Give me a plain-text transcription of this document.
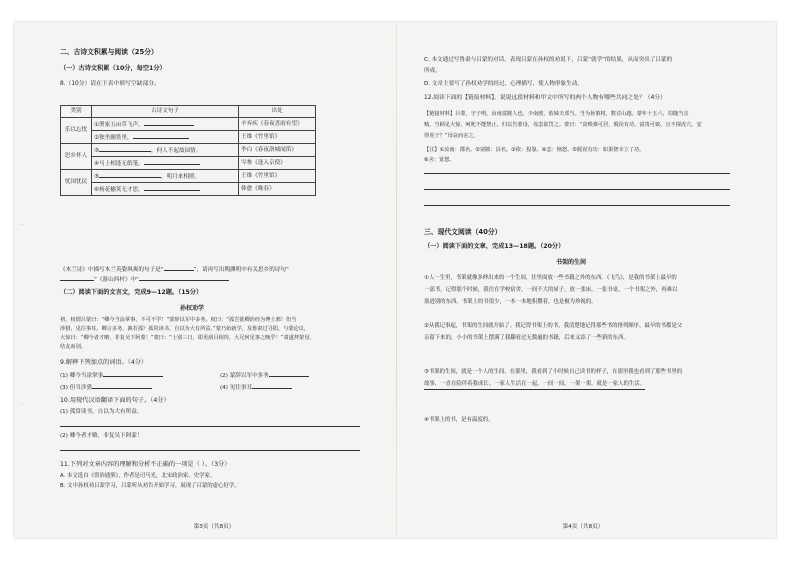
｜
｜
二、古诗文积累与阅读（25分）
（一）古诗文积累（10分，每空1分）
8.（10分）请在下表中填写空缺部分。
类别	古诗文句子	出处
乐以忘忧	①渔家五亩草飞声，	辛弃疾《春夜喜雨有望》
	②独坐幽篁里，	王维《竹里馆》
思乡怀人	③ ，何人不起故园情。	李白《春夜洛城闻笛》
	④马上相逢无纸笔，	岑参《逢入京使》
忧国忧民	⑤ ，明月来相照。	王维《竹里馆》
	⑥杨花榆荚无才思，	韩愈《晚春》
《木兰诗》中描写木兰英姿飒爽的句子是“	”，请再写出陶渊明中有关思乡的诗句“
”《游山西村》中“
（二）阅读下面的文言文，完成9—12题。（15分）
孙权劝学
初，权谓吕蒙曰：“卿今当涂掌事，不可不学！”蒙辞以军中多务。权曰：“孤岂欲卿治经为博士邪！但当
涉猎，见往事耳。卿言多务，孰若孤？孤常读书，自以为大有所益。”蒙乃始就学。及鲁肃过寻阳，与蒙论议，
大惊曰：“卿今者才略，非复吴下阿蒙！”蒙曰：“士别三日，即更刮目相待，大兄何见事之晚乎！”肃遂拜蒙母，
结友而别。
9.解释下列加点的词语。（4分）
(1) 卿今当涂掌事	(2) 蒙辞以军中多务
(3) 但当涉猎	(4) 见往事耳
10.用现代汉语翻译下面的句子。（4分）
(1) 孤常读书，自以为大有所益。
(2) 卿今者才略，非复吴下阿蒙！
11.下列对文章内容的理解和分析不正确的一项是（ ）。（3分）
A. 本文选自《资治通鉴》，作者是司马光，北宋政治家、史学家。
B. 文中孙权劝吕蒙学习，吕蒙听从劝告开始学习，展现了吕蒙的虚心好学。
第3页（共8页）
C. 本文通过写鲁肃与吕蒙的对话，表现吕蒙在孙权的劝说下，吕蒙“就学”的结果，从而突出了吕蒙的
所成。
D. 文章主要写了孙权劝学的经过，心理描写，使人物形象生动。
12.阅读下面的【链接材料】，说说这段材料和甲文中所写的两个人物有哪些共同之处？（4分）
【链接材料】吕蒙，字子明，汝南富陂人也。少南渡，依姊夫邓当。当为孙策将，数讨山越。蒙年十五六，窃随当击
贼，当顾见大惊，呵叱不能禁止。归以告蒙母，母恚欲罚之。蒙曰：“贫贱难可居，脱误有功，富贵可致。且不探虎穴，安
得虎子？”母哀而舍之。
【注】①汝南：郡名。②富陂：县名。③依：投靠。④恚：恼怒。⑤脱误有功：如果侥幸立了功。
⑥舍：宽恕。
三、现代文阅读（40分）
（一）阅读下面的文章，完成13—18题。（20分）
书架的生间
①人一生里，书架就像多伸出来的一个生间，往里面放一些书籍之外的东西。《飞鸟》，是我的书架上最早的
一部书，记得那个时候，我住在学校宿舍，一间不大的屋子，放一张床，一张书桌，一个书架之外，再难以
塞进别的东西。书架上的书很少，一本一本地积攒着，也是极为珍视的。
②从我记事起，书架的生间就开始了。我记得书架上的书，我清楚地记得那些书的排列顺序，最早的书都是父
亲留下来的，小小的书架上摆满了我翻看过无数遍的书籍，后来又添了一些新的东西。
③书架的生间，就是一个人的生间。在那里，我看到了小时候自己读书的样子，在那里我也看到了那些书里的
故事，一直在陪伴着我成长。一家人生活在一起，一间一间，一架一架，就是一家人的生活。
④书架上的书，是有温度的。
第4页（共8页）
